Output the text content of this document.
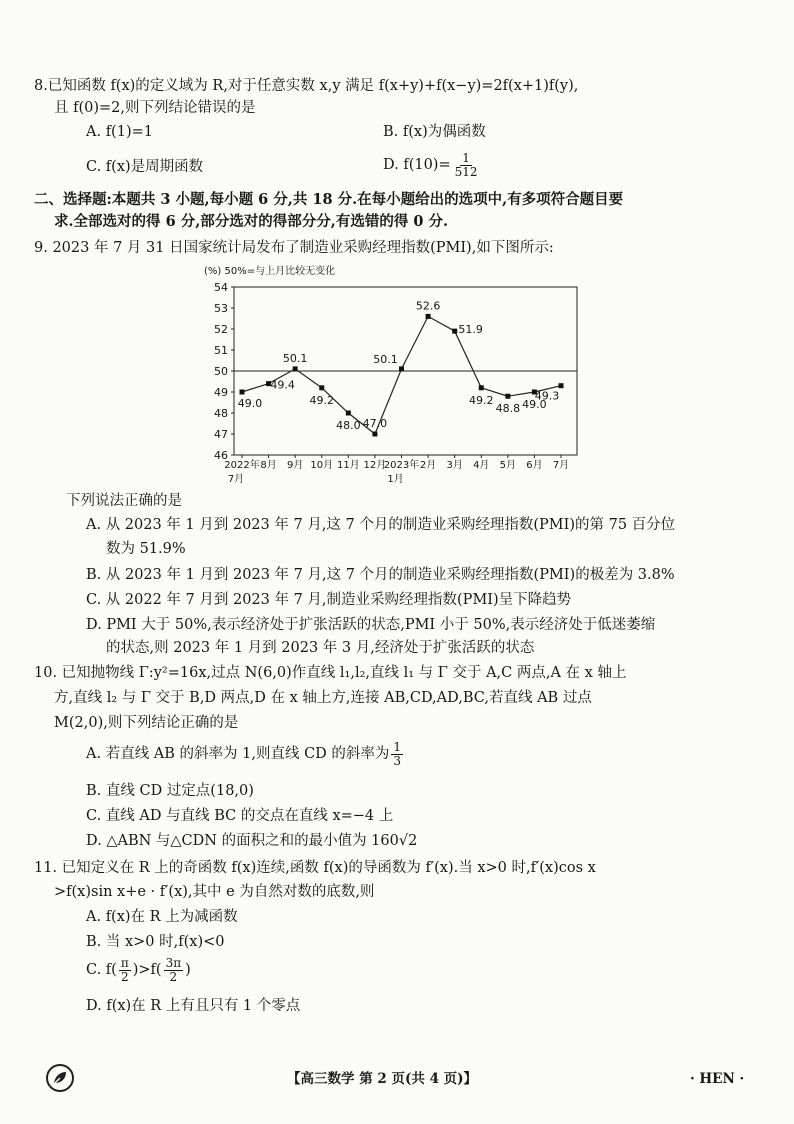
8.已知函数 f(x)的定义域为 R,对于任意实数 x,y 满足 f(x+y)+f(x−y)=2f(x+1)f(y),
且 f(0)=2,则下列结论错误的是
A. f(1)=1	B. f(x)为偶函数
C. f(x)是周期函数	D. $f(10)= \frac{1}{512}$
二、选择题:本题共 3 小题,每小题 6 分,共 18 分.在每小题给出的选项中,有多项符合题目要
求.全部选对的得 6 分,部分选对的得部分分,有选错的得 0 分.
9. 2023 年 7 月 31 日国家统计局发布了制造业采购经理指数(PMI),如下图所示:
(%) 50%=与上月比较无变化
46
47
48
49
50
51
52
53
54
49.0
49.4
50.1
49.2
48.0 47.0
50.1
52.6
51.9
49.2
48.8 49.0
49.3
2022年
7月
8月 9月 10月 11月 12月
2023年
1月
2月 3月 4月 5月 6月 7月
下列说法正确的是
A. 从 2023 年 1 月到 2023 年 7 月,这 7 个月的制造业采购经理指数(PMI)的第 75 百分位
数为 51.9%
B. 从 2023 年 1 月到 2023 年 7 月,这 7 个月的制造业采购经理指数(PMI)的极差为 3.8%
C. 从 2022 年 7 月到 2023 年 7 月,制造业采购经理指数(PMI)呈下降趋势
D. PMI 大于 50%,表示经济处于扩张活跃的状态,PMI 小于 50%,表示经济处于低迷萎缩
的状态,则 2023 年 1 月到 2023 年 3 月,经济处于扩张活跃的状态
10. 已知抛物线 Γ:y²=16x,过点 N(6,0)作直线 l₁,l₂,直线 l₁ 与 Γ 交于 A,C 两点,A 在 x 轴上
方,直线 l₂ 与 Γ 交于 B,D 两点,D 在 x 轴上方,连接 AB,CD,AD,BC,若直线 AB 过点
M(2,0),则下列结论正确的是
A. 若直线 AB 的斜率为 1,则直线 CD 的斜率为 $\frac{1}{3}$
B. 直线 CD 过定点(18,0)
C. 直线 AD 与直线 BC 的交点在直线 x=−4 上
D. △ABN 与△CDN 的面积之和的最小值为 160√2
11. 已知定义在 R 上的奇函数 f(x)连续,函数 f(x)的导函数为 f′(x).当 x>0 时,f′(x)cos x
>f(x)sin x+e · f′(x),其中 e 为自然对数的底数,则
A. f(x)在 R 上为减函数
B. 当 x>0 时,f(x)<0
C. $f( \frac{\pi}{2} )>f( \frac{3\pi}{2}$ )
D. f(x)在 R 上有且只有 1 个零点
【高三数学 第 2 页(共 4 页)】	· HEN ·
